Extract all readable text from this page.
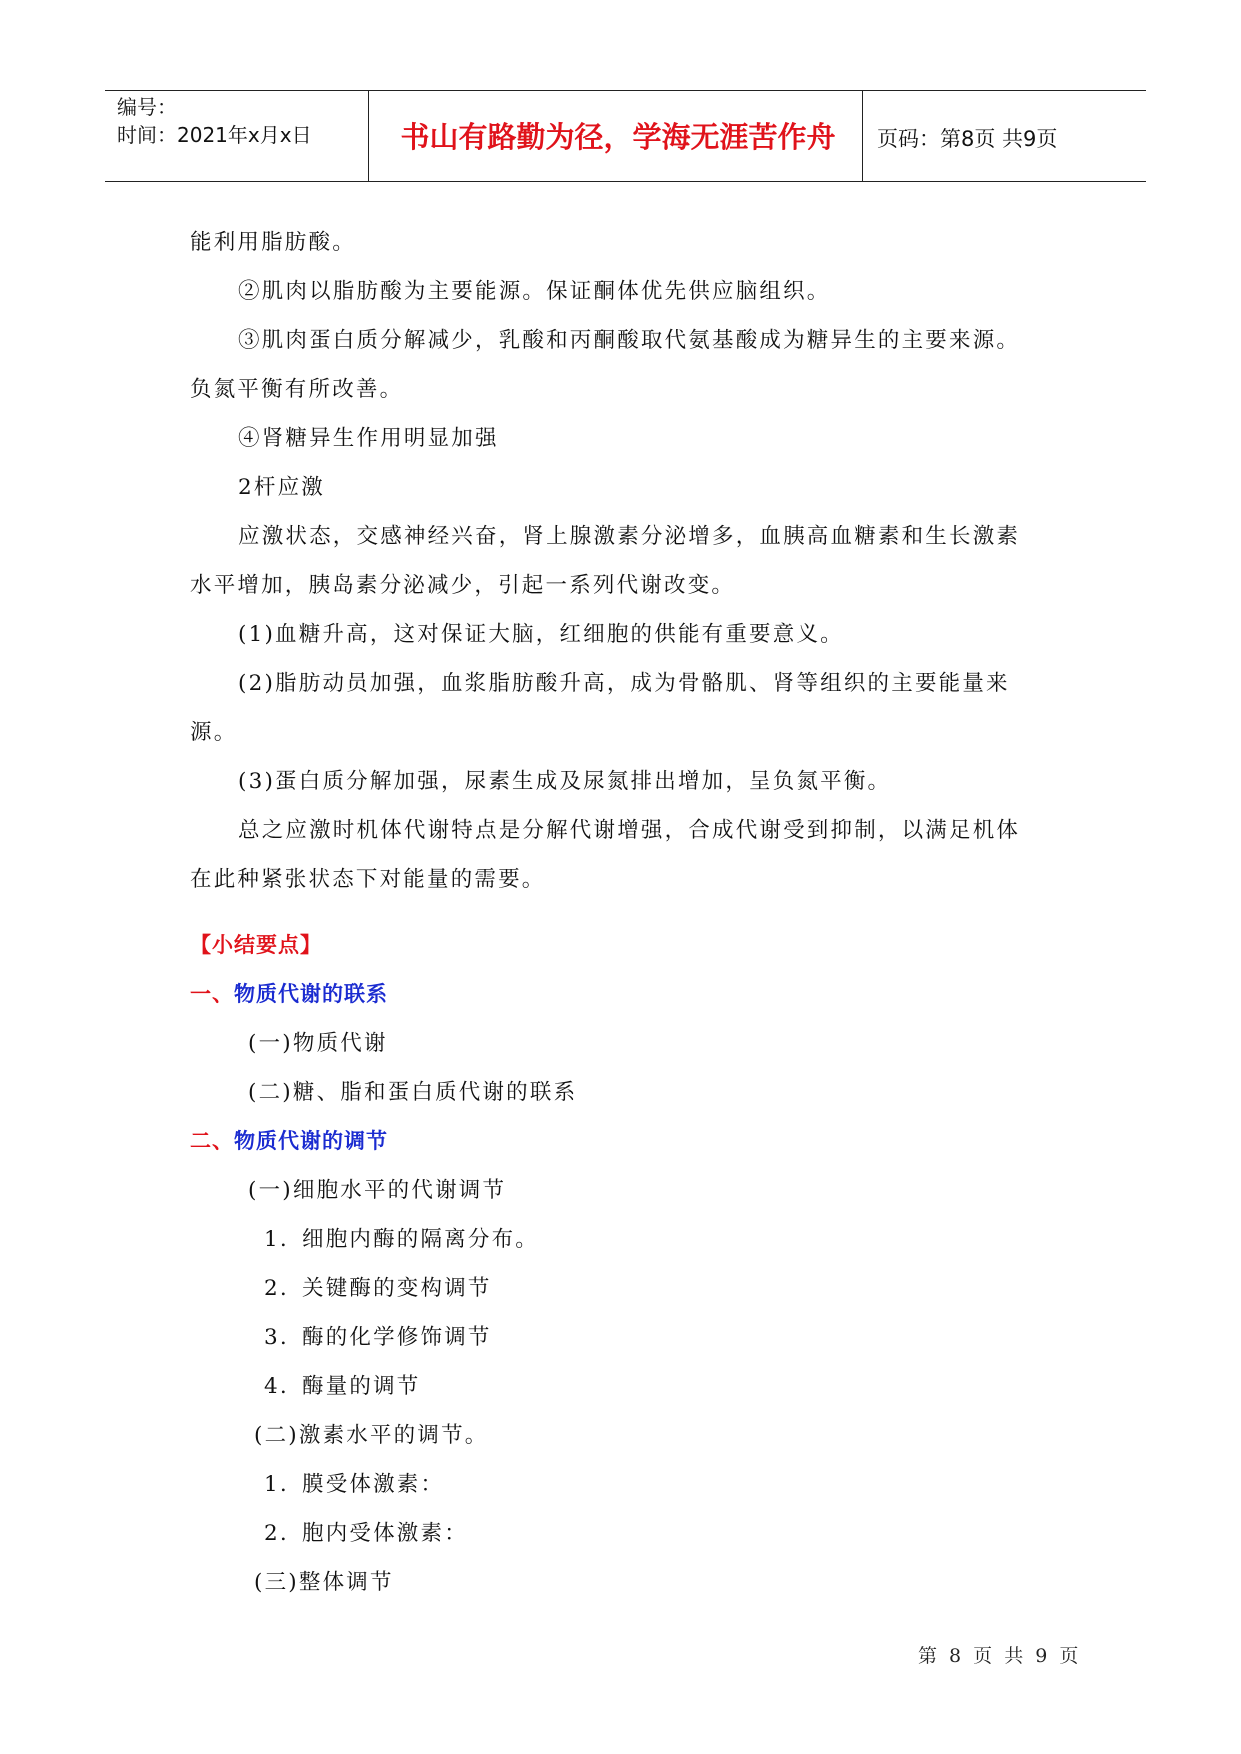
编号：
时间：2021年x月x日	书山有路勤为径，学海无涯苦作舟	页码：第8页 共9页
能利用脂肪酸。
②肌肉以脂肪酸为主要能源。保证酮体优先供应脑组织。
③肌肉蛋白质分解减少，乳酸和丙酮酸取代氨基酸成为糖异生的主要来源。
负氮平衡有所改善。
④肾糖异生作用明显加强
2杆应激
应激状态，交感神经兴奋，肾上腺激素分泌增多，血胰高血糖素和生长激素
水平增加，胰岛素分泌减少，引起一系列代谢改变。
(1)血糖升高，这对保证大脑，红细胞的供能有重要意义。
(2)脂肪动员加强，血浆脂肪酸升高，成为骨骼肌、肾等组织的主要能量来
源。
(3)蛋白质分解加强，尿素生成及尿氮排出增加，呈负氮平衡。
总之应激时机体代谢特点是分解代谢增强，合成代谢受到抑制，以满足机体
在此种紧张状态下对能量的需要。
【小结要点】
一、物质代谢的联系
(一)物质代谢
(二)糖、脂和蛋白质代谢的联系
二、物质代谢的调节
(一)细胞水平的代谢调节
1. 细胞内酶的隔离分布。
2. 关键酶的变构调节
3. 酶的化学修饰调节
4. 酶量的调节
(二)激素水平的调节。
1. 膜受体激素：
2. 胞内受体激素：
(三)整体调节
第 8 页 共 9 页
